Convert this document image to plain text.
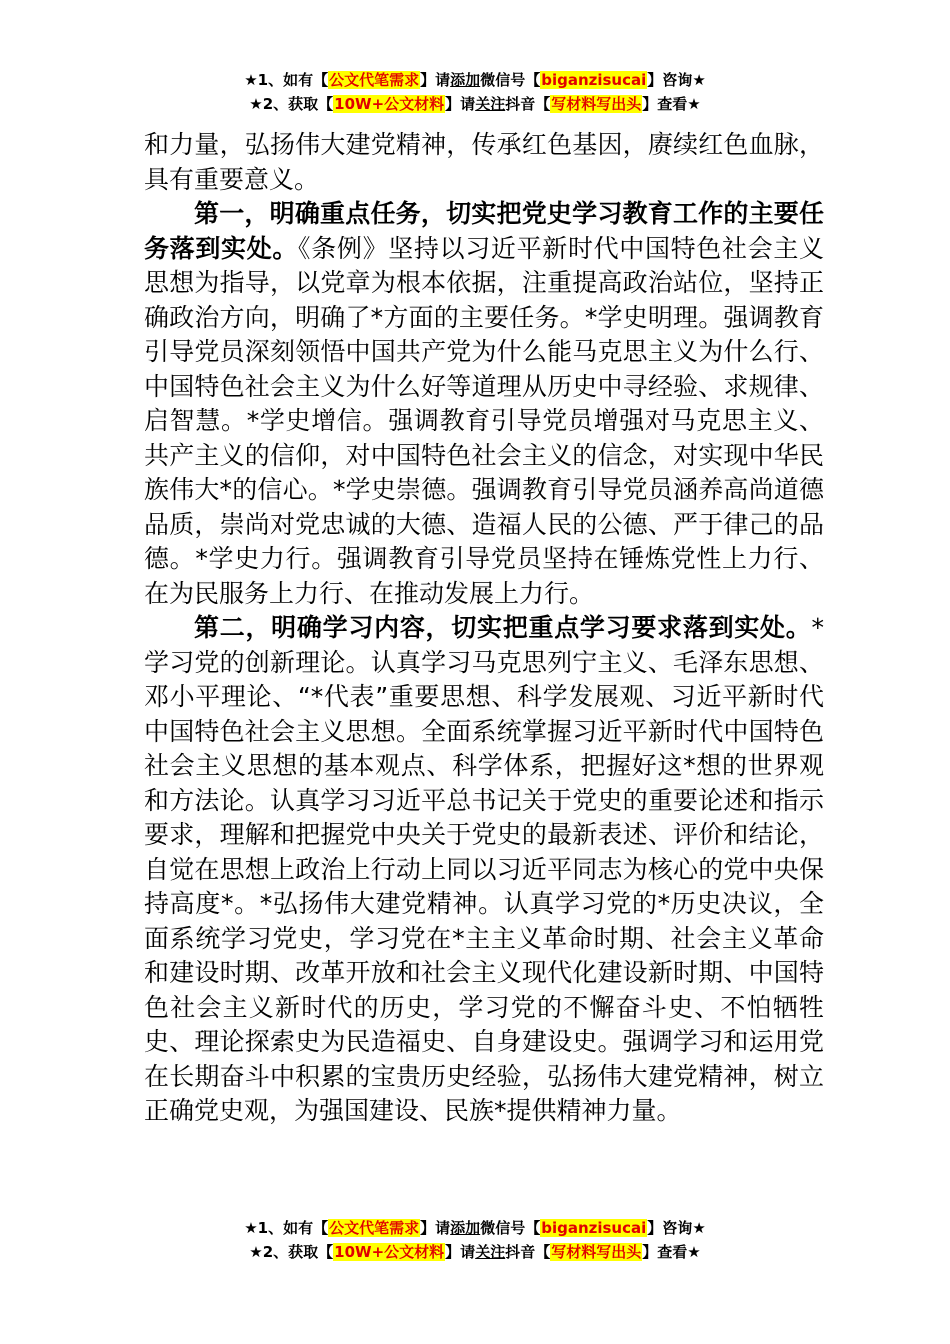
★1、如有【公文代笔需求】请添加微信号【biganzisucai】咨询★
★2、获取【10W+公文材料】请关注抖音【写材料写出头】查看★

和力量，弘扬伟大建党精神，传承红色基因，赓续红色血脉，具有重要意义。

第一，明确重点任务，切实把党史学习教育工作的主要任务落到实处。《条例》坚持以习近平新时代中国特色社会主义思想为指导，以党章为根本依据，注重提高政治站位，坚持正确政治方向，明确了*方面的主要任务。*学史明理。强调教育引导党员深刻领悟中国共产党为什么能马克思主义为什么行、中国特色社会主义为什么好等道理从历史中寻经验、求规律、启智慧。*学史增信。强调教育引导党员增强对马克思主义、共产主义的信仰，对中国特色社会主义的信念，对实现中华民族伟大*的信心。*学史崇德。强调教育引导党员涵养高尚道德品质，崇尚对党忠诚的大德、造福人民的公德、严于律己的品德。*学史力行。强调教育引导党员坚持在锤炼党性上力行、在为民服务上力行、在推动发展上力行。

第二，明确学习内容，切实把重点学习要求落到实处。*学习党的创新理论。认真学习马克思列宁主义、毛泽东思想、邓小平理论、“*代表”重要思想、科学发展观、习近平新时代中国特色社会主义思想。全面系统掌握习近平新时代中国特色社会主义思想的基本观点、科学体系，把握好这*想的世界观和方法论。认真学习习近平总书记关于党史的重要论述和指示要求，理解和把握党中央关于党史的最新表述、评价和结论，自觉在思想上政治上行动上同以习近平同志为核心的党中央保持高度*。*弘扬伟大建党精神。认真学习党的*历史决议，全面系统学习党史，学习党在*主主义革命时期、社会主义革命和建设时期、改革开放和社会主义现代化建设新时期、中国特色社会主义新时代的历史，学习党的不懈奋斗史、不怕牺牲史、理论探索史为民造福史、自身建设史。强调学习和运用党在长期奋斗中积累的宝贵历史经验，弘扬伟大建党精神，树立正确党史观，为强国建设、民族*提供精神力量。

★1、如有【公文代笔需求】请添加微信号【biganzisucai】咨询★
★2、获取【10W+公文材料】请关注抖音【写材料写出头】查看★
